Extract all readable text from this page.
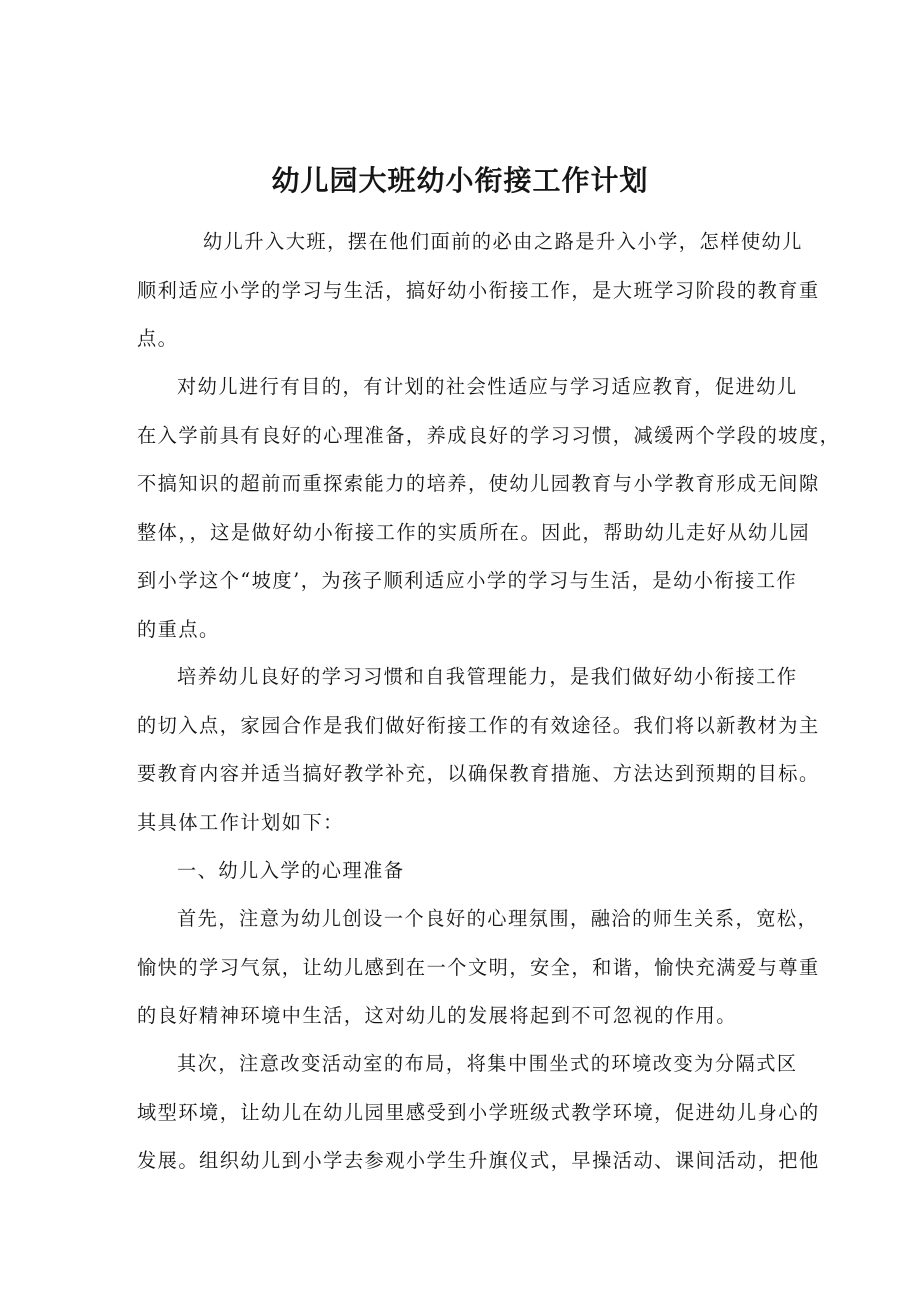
幼儿园大班幼小衔接工作计划

幼儿升入大班，摆在他们面前的必由之路是升入小学，怎样使幼儿
顺利适应小学的学习与生活，搞好幼小衔接工作，是大班学习阶段的教育重
点。

对幼儿进行有目的，有计划的社会性适应与学习适应教育，促进幼儿
在入学前具有良好的心理准备，养成良好的学习习惯，减缓两个学段的坡度，
不搞知识的超前而重探索能力的培养，使幼儿园教育与小学教育形成无间隙
整体，，这是做好幼小衔接工作的实质所在。因此，帮助幼儿走好从幼儿园
到小学这个“坡度’，为孩子顺利适应小学的学习与生活，是幼小衔接工作
的重点。

培养幼儿良好的学习习惯和自我管理能力，是我们做好幼小衔接工作
的切入点，家园合作是我们做好衔接工作的有效途径。我们将以新教材为主
要教育内容并适当搞好教学补充，以确保教育措施、方法达到预期的目标。
其具体工作计划如下：

一、幼儿入学的心理准备

首先，注意为幼儿创设一个良好的心理氛围，融洽的师生关系，宽松，
愉快的学习气氛，让幼儿感到在一个文明，安全，和谐，愉快充满爱与尊重
的良好精神环境中生活，这对幼儿的发展将起到不可忽视的作用。

其次，注意改变活动室的布局，将集中围坐式的环境改变为分隔式区
域型环境，让幼儿在幼儿园里感受到小学班级式教学环境，促进幼儿身心的
发展。组织幼儿到小学去参观小学生升旗仪式，早操活动、课间活动，把他
